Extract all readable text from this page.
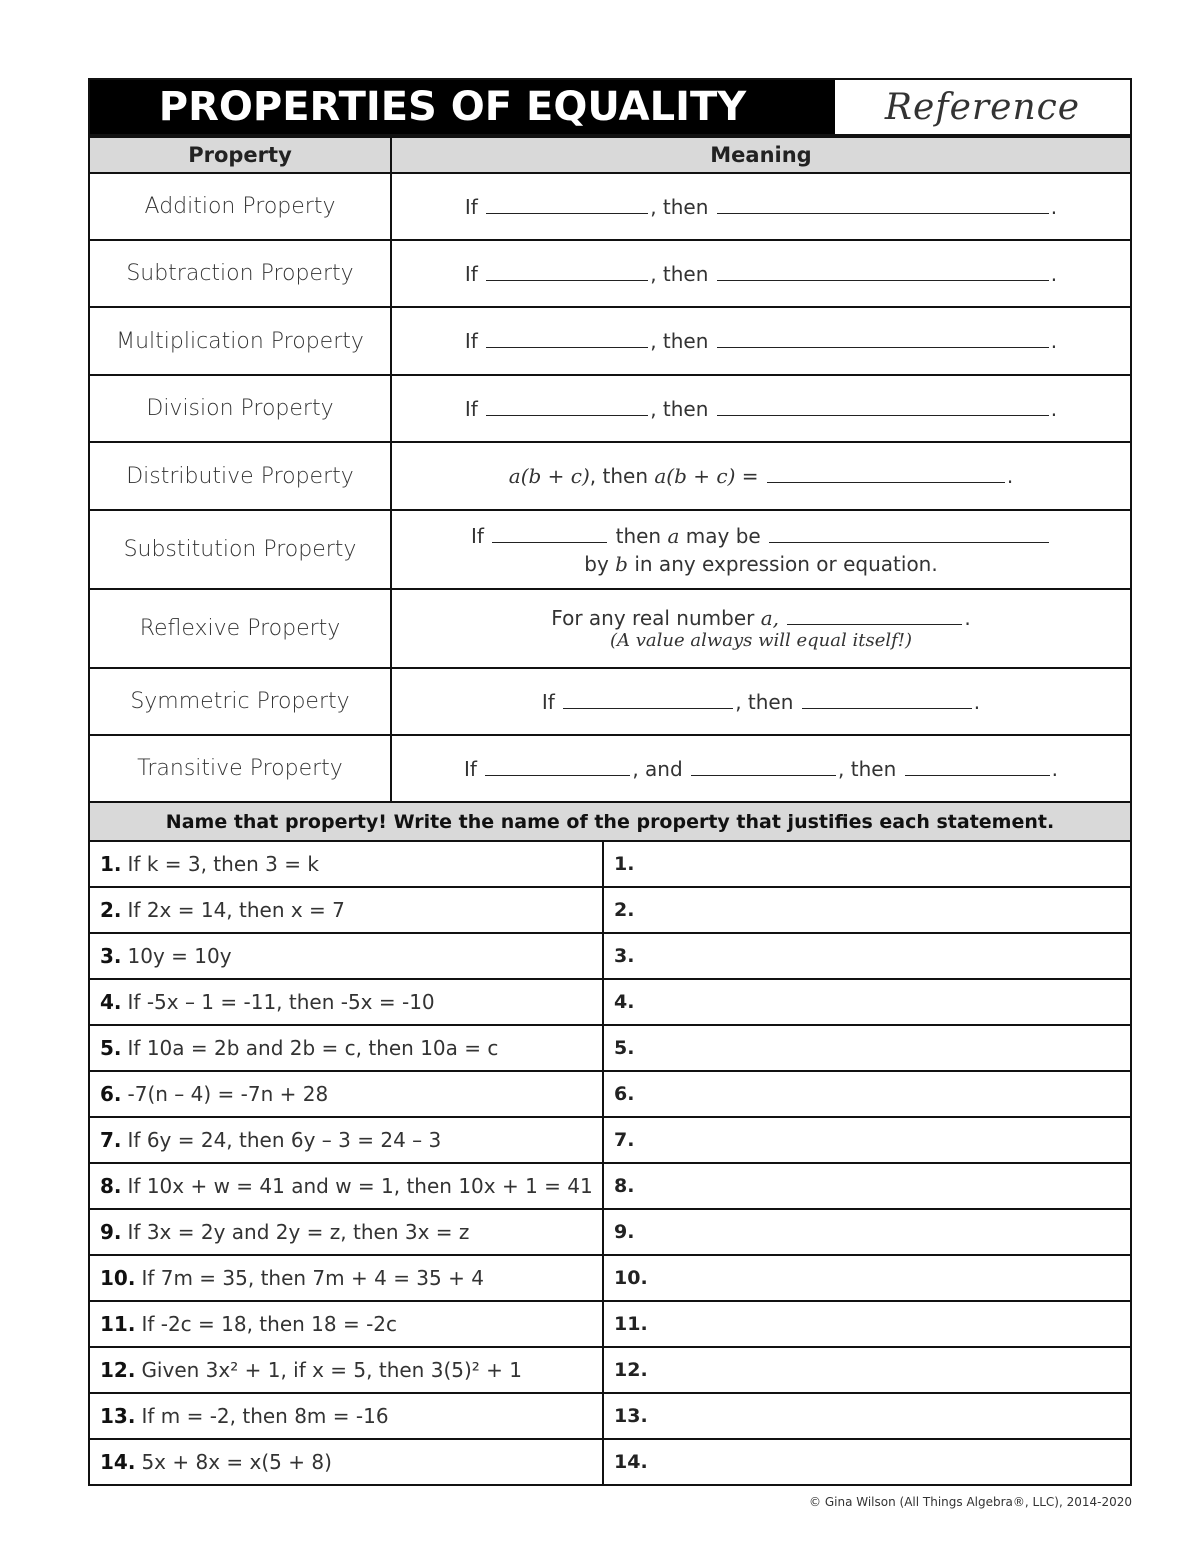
PROPERTIES OF EQUALITY	Reference
Property	Meaning
Addition Property	If , then .
Subtraction Property	If , then .
Multiplication Property	If , then .
Division Property	If , then .
Distributive Property	a(b + c), then a(b + c) = .
Substitution Property	If then a may be
by b in any expression or equation.

Reflexive Property	For any real number a, .
(A value always will equal itself!)

Symmetric Property	If , then .
Transitive Property	If , and , then .
Name that property! Write the name of the property that justifies each statement.
1. If k = 3, then 3 = k	1.
2. If 2x = 14, then x = 7	2.
3. 10y = 10y	3.
4. If -5x – 1 = -11, then -5x = -10	4.
5. If 10a = 2b and 2b = c, then 10a = c	5.
6. -7(n – 4) = -7n + 28	6.
7. If 6y = 24, then 6y – 3 = 24 – 3	7.
8. If 10x + w = 41 and w = 1, then 10x + 1 = 41	8.
9. If 3x = 2y and 2y = z, then 3x = z	9.
10. If 7m = 35, then 7m + 4 = 35 + 4	10.
11. If -2c = 18, then 18 = -2c	11.
12. Given 3x² + 1, if x = 5, then 3(5)² + 1	12.
13. If m = -2, then 8m = -16	13.
14. 5x + 8x = x(5 + 8)	14.
© Gina Wilson (All Things Algebra®, LLC), 2014-2020
